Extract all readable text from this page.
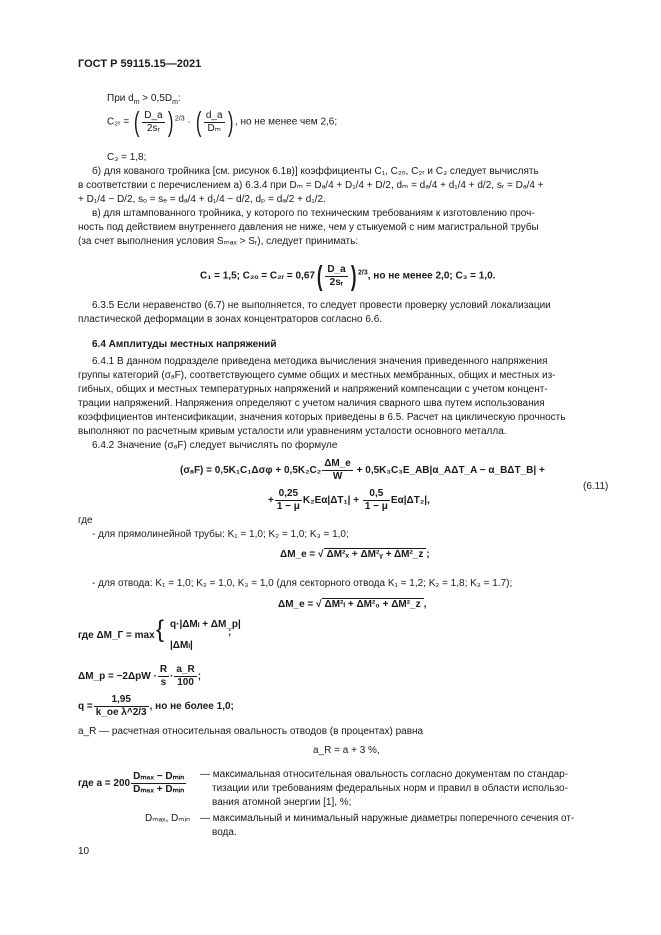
ГОСТ Р 59115.15—2021
При $d_m > 0,5D_m$:
C₂ᵣ = ( $\frac{D\_a}{\text{2sᵣ}}$ ) $^{2/3}$ · ( $\frac{d\_a}{\text{Dₘ}}$ ) , но не менее чем 2,6;
C₃ = 1,8;
б) для кованого тройника [см. рисунок 6.1в)] коэффициенты C₁, C₂ₒ, C₂ᵣ и C₃ следует вычислять
в соответствии с перечислением а) 6.3.4 при Dₘ = Dₐ/4 + D₁/4 + D/2, dₘ = dₐ/4 + d₁/4 + d/2, sᵣ = Dₐ/4 +
+ D₁/4 − D/2, sₒ = sₑ = dₐ/4 + d₁/4 − d/2, dₚ = dₐ/2 + d₁/2.
в) для штампованного тройника, у которого по техническим требованиям к изготовлению проч-
ность под действием внутреннего давления не ниже, чем у стыкуемой с ним магистральной трубы
(за счет выполнения условия Sₘₐₓ > Sᵣ), следует принимать:
C₁ = 1,5; C₂ₒ = C₂ᵣ = $0,67( \frac{D\_a}{\text{2sᵣ}}$ ) $^{2/3}$, но не менее 2,0; C₃ = 1,0.
6.3.5 Если неравенство (6.7) не выполняется, то следует провести проверку условий локализации
пластической деформации в зонах концентраторов согласно 6.6.
6.4 Амплитуды местных напряжений
6.4.1 В данном подразделе приведена методика вычисления значения приведенного напряжения
группы категорий (σₐF), соответствующего сумме общих и местных мембранных, общих и местных из-
гибных, общих и местных температурных напряжений и напряжений компенсации с учетом концент-
трации напряжений. Напряжения определяют с учетом наличия сварного шва путем использования
коэффициентов интенсификации, значения которых приведены в 6.5. Расчет на циклическую прочность
выполняют по расчетным кривым усталости или уравнениям усталости основного металла.
6.4.2 Значение (σₐF) следует вычислять по формуле
$(\sigma_aF) = 0,5K_1C_1\Delta\sigma\varphi + 0,5K_2C_2 \frac{\Delta M\_e}{W}$ + 0,5K₃C₃E_AB|α_AΔT_A − α_BΔT_B| +
+ $\frac{0,25}{1 - \mu} K_2E\alpha|\Delta T_1| + \frac{0,5}{1 - \mu} E\alpha|\Delta T_2|$,
(6.11)
где
- для прямолинейной трубы: K₁ = 1,0; K₂ = 1,0; K₃ = 1,0;
ΔM_e = √ ΔM²ₓ + ΔM²ᵧ + ΔM²_z ;
- для отвода: K₁ = 1,0; K₂ = 1,0, K₃ = 1,0 (для секторного отвода K₁ = 1,2; K₂ = 1,8; K₃ = 1.7);
ΔM_e = √ ΔM²ₗ + ΔM²₀ + ΔM²_z ,
где ΔM_Г = max { q·|ΔMₗ + ΔM_p|
;
|ΔMₗ|
ΔM_p = $-2\Delta pW \cdot \frac{R}{s} \cdot \frac{a\_R}{100}$ ;
$q = \frac{1,95}{\text{k\_oe λ\textasciicircum{}2/3}}$ , но не более 1,0;
a_R — расчетная относительная овальность отводов (в процентах) равна
a_R = a + 3 %,
где $a = 200 \frac{\text{Dₘₐₓ − Dₘᵢₙ}}{\text{Dₘₐₓ + Dₘᵢₙ}}$ — максимальная относительная овальность согласно документам по стандар-
тизации или требованиям федеральных норм и правил в области использо-
вания атомной энергии [1], %;
Dₘₐₓ, Dₘᵢₙ — максимальный и минимальный наружные диаметры поперечного сечения от-
вода.
10
